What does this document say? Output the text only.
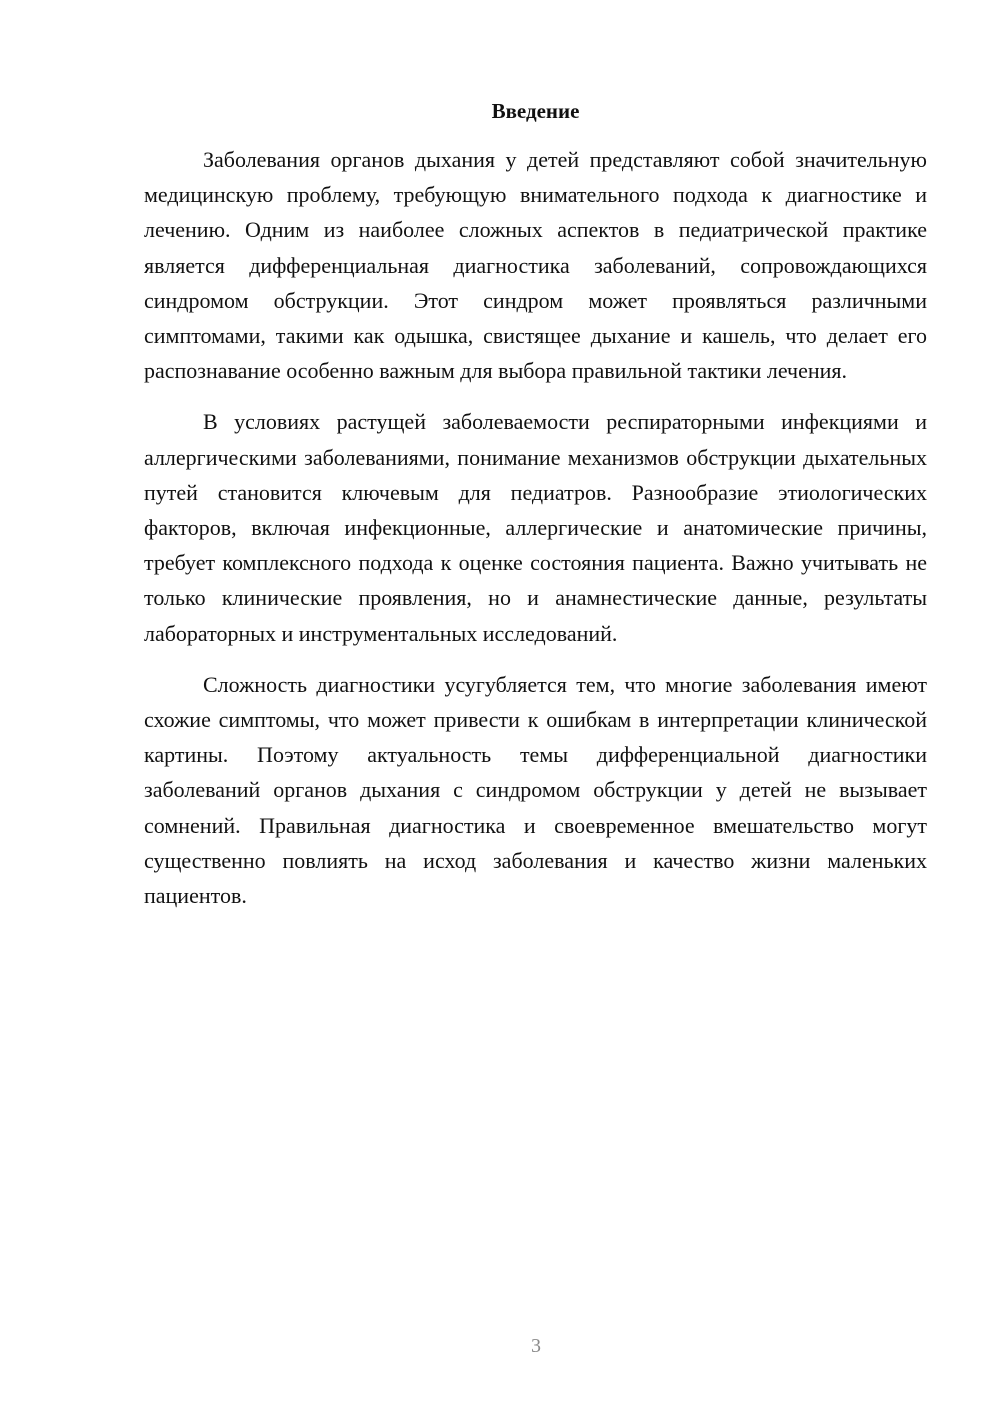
Введение

Заболевания органов дыхания у детей представляют собой значительную медицинскую проблему, требующую внимательного подхода к диагностике и лечению. Одним из наиболее сложных аспектов в педиатрической практике является дифференциальная диагностика заболеваний, сопровождающихся синдромом обструкции. Этот синдром может проявляться различными симптомами, такими как одышка, свистящее дыхание и кашель, что делает его распознавание особенно важным для выбора правильной тактики лечения.

В условиях растущей заболеваемости респираторными инфекциями и аллергическими заболеваниями, понимание механизмов обструкции дыхательных путей становится ключевым для педиатров. Разнообразие этиологических факторов, включая инфекционные, аллергические и анатомические причины, требует комплексного подхода к оценке состояния пациента. Важно учитывать не только клинические проявления, но и анамнестические данные, результаты лабораторных и инструментальных исследований.

Сложность диагностики усугубляется тем, что многие заболевания имеют схожие симптомы, что может привести к ошибкам в интерпретации клинической картины. Поэтому актуальность темы дифференциальной диагностики заболеваний органов дыхания с синдромом обструкции у детей не вызывает сомнений. Правильная диагностика и своевременное вмешательство могут существенно повлиять на исход заболевания и качество жизни маленьких пациентов.

3
